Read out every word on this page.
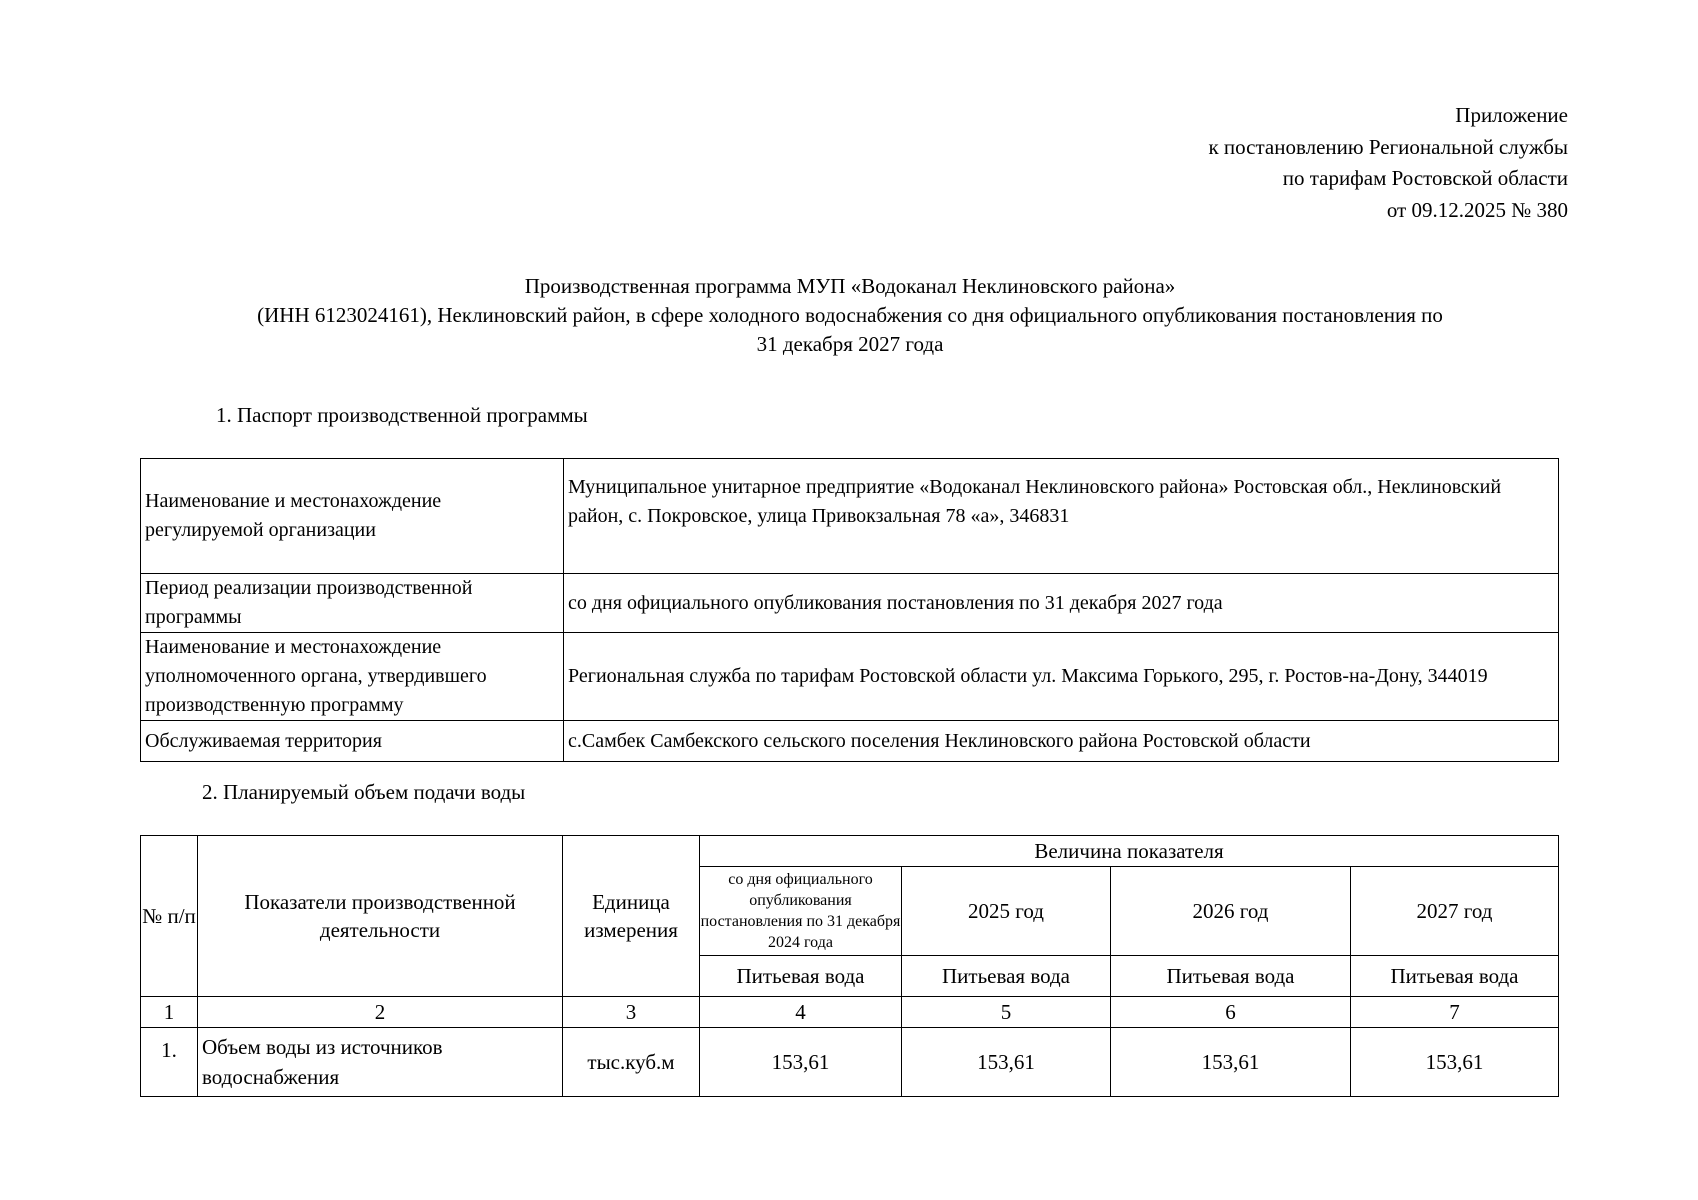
Приложение
к постановлению Региональной службы
по тарифам Ростовской области
от 09.12.2025 № 380
Производственная программа МУП «Водоканал Неклиновского района»
(ИНН 6123024161), Неклиновский район, в сфере холодного водоснабжения со дня официального опубликования постановления по
31 декабря 2027 года
1. Паспорт производственной программы
Наименование и местонахождение регулируемой организации	Муниципальное унитарное предприятие «Водоканал Неклиновского района» Ростовская обл., Неклиновский район, с. Покровское, улица Привокзальная 78 «а», 346831
Период реализации производственной программы	со дня официального опубликования постановления по 31 декабря 2027 года
Наименование и местонахождение уполномоченного органа, утвердившего производственную программу	Региональная служба по тарифам Ростовской области ул. Максима Горького, 295, г. Ростов-на-Дону, 344019
Обслуживаемая территория	с.Самбек Самбекского сельского поселения Неклиновского района Ростовской области
2. Планируемый объем подачи воды
№ п/п	Показатели производственной деятельности	Единица измерения	Величина показателя			
			со дня официального опубликования постановления по 31 декабря 2024 года	2025 год	2026 год	2027 год
			Питьевая вода	Питьевая вода	Питьевая вода	Питьевая вода
1	2	3	4	5	6	7
1.	Объем воды из источников водоснабжения	тыс.куб.м	153,61	153,61	153,61	153,61
